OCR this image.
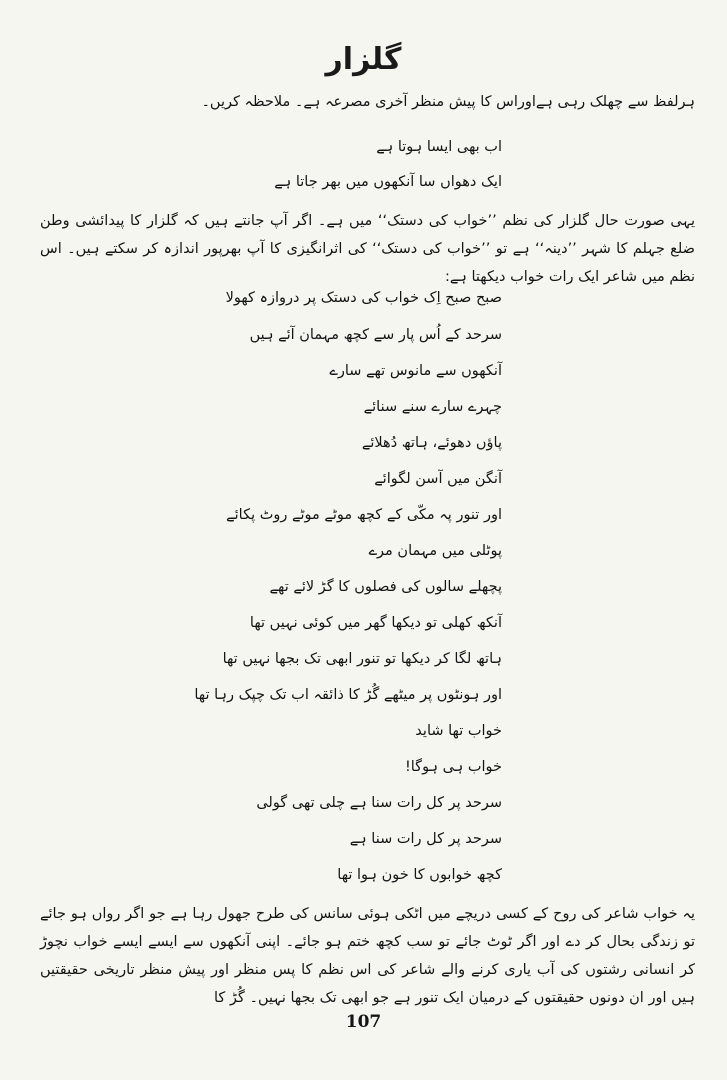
گلزار
ہرلفظ سے چھلک رہی ہےاوراس کا پیش منظر آخری مصرعہ ہے۔ ملاحظہ کریں۔
اب بھی ایسا ہوتا ہے
ایک دھواں سا آنکھوں میں بھر جاتا ہے
یہی صورت حال گلزار کی نظم ’’خواب کی دستک‘‘ میں ہے۔ اگر آپ جانتے ہیں کہ گلزار کا پیدائشی وطن ضلع جہلم کا شہر ’’دینہ‘‘ ہے تو ’’خواب کی دستک‘‘ کی اثرانگیزی کا آپ بھرپور اندازہ کر سکتے ہیں۔ اس نظم میں شاعر ایک رات خواب دیکھتا ہے:
صبح صبح اِک خواب کی دستک پر دروازہ کھولا
سرحد کے اُس پار سے کچھ مہمان آئے ہیں
آنکھوں سے مانوس تھے سارے
چہرے سارے سنے سنائے
پاؤں دھوئے، ہاتھ دُھلائے
آنگن میں آسن لگوائے
اور تنور پہ مکّی کے کچھ موٹے موٹے روٹ پکائے
پوٹلی میں مہمان مرے
پچھلے سالوں کی فصلوں کا گڑ لائے تھے
آنکھ کھلی تو دیکھا گھر میں کوئی نہیں تھا
ہاتھ لگا کر دیکھا تو تنور ابھی تک بجھا نہیں تھا
اور ہونٹوں پر میٹھے گُڑ کا ذائقہ اب تک چپک رہا تھا
خواب تھا شاید
خواب ہی ہوگا!
سرحد پر کل رات سنا ہے چلی تھی گولی
سرحد پر کل رات سنا ہے
کچھ خوابوں کا خون ہوا تھا
یہ خواب شاعر کی روح کے کسی دریچے میں اٹکی ہوئی سانس کی طرح جھول رہا ہے جو اگر رواں ہو جائے تو زندگی بحال کر دے اور اگر ٹوٹ جائے تو سب کچھ ختم ہو جائے۔ اپنی آنکھوں سے ایسے ایسے خواب نچوڑ کر انسانی رشتوں کی آب یاری کرنے والے شاعر کی اس نظم کا پس منظر اور پیش منظر تاریخی حقیقتیں ہیں اور ان دونوں حقیقتوں کے درمیان ایک تنور ہے جو ابھی تک بجھا نہیں۔ گُڑ کا
107
